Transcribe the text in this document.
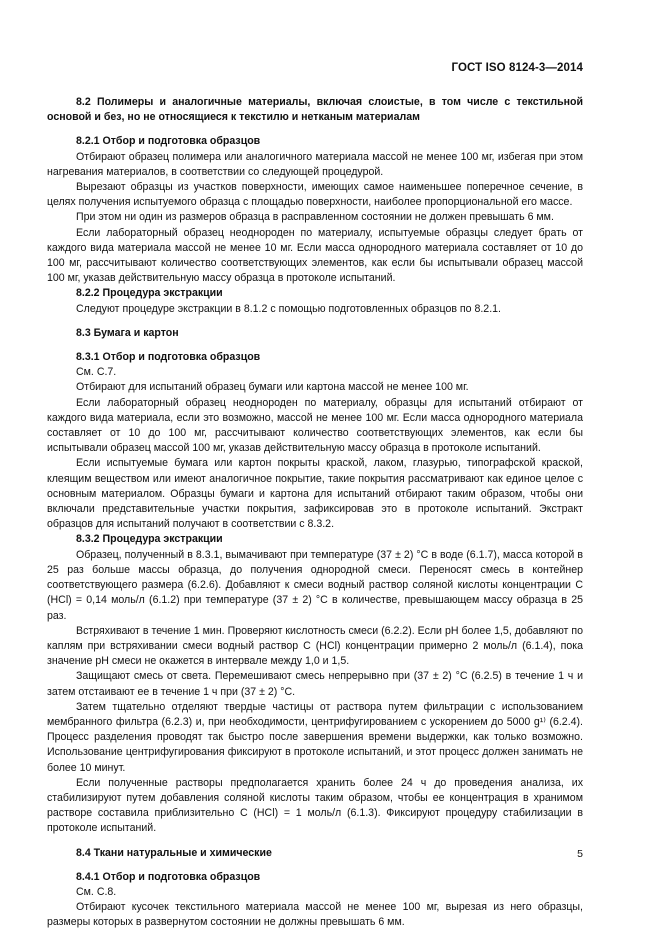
ГОСТ ISO 8124-3—2014

8.2 Полимеры и аналогичные материалы, включая слоистые, в том числе с текстильной основой и без, но не относящиеся к текстилю и нетканым материалам

8.2.1 Отбор и подготовка образцов

Отбирают образец полимера или аналогичного материала массой не менее 100 мг, избегая при этом нагревания материалов, в соответствии со следующей процедурой.

Вырезают образцы из участков поверхности, имеющих самое наименьшее поперечное сечение, в целях получения испытуемого образца с площадью поверхности, наиболее пропорциональной его массе.

При этом ни один из размеров образца в расправленном состоянии не должен превышать 6 мм.

Если лабораторный образец неоднороден по материалу, испытуемые образцы следует брать от каждого вида материала массой не менее 10 мг. Если масса однородного материала составляет от 10 до 100 мг, рассчитывают количество соответствующих элементов, как если бы испытывали образец массой 100 мг, указав действительную массу образца в протоколе испытаний.

8.2.2 Процедура экстракции

Следуют процедуре экстракции в 8.1.2 с помощью подготовленных образцов по 8.2.1.

8.3 Бумага и картон

8.3.1 Отбор и подготовка образцов

См. С.7.

Отбирают для испытаний образец бумаги или картона массой не менее 100 мг.

Если лабораторный образец неоднороден по материалу, образцы для испытаний отбирают от каждого вида материала, если это возможно, массой не менее 100 мг. Если масса однородного материала составляет от 10 до 100 мг, рассчитывают количество соответствующих элементов, как если бы испытывали образец массой 100 мг, указав действительную массу образца в протоколе испытаний.

Если испытуемые бумага или картон покрыты краской, лаком, глазурью, типографской краской, клеящим веществом или имеют аналогичное покрытие, такие покрытия рассматривают как единое целое с основным материалом. Образцы бумаги и картона для испытаний отбирают таким образом, чтобы они включали представительные участки покрытия, зафиксировав это в протоколе испытаний. Экстракт образцов для испытаний получают в соответствии с 8.3.2.

8.3.2 Процедура экстракции

Образец, полученный в 8.3.1, вымачивают при температуре (37 ± 2) °С в воде (6.1.7), масса которой в 25 раз больше массы образца, до получения однородной смеси. Переносят смесь в контейнер соответствующего размера (6.2.6). Добавляют к смеси водный раствор соляной кислоты концентрации С (HCl) = 0,14 моль/л (6.1.2) при температуре (37 ± 2) °С в количестве, превышающем массу образца в 25 раз.

Встряхивают в течение 1 мин. Проверяют кислотность смеси (6.2.2). Если рН более 1,5, добавляют по каплям при встряхивании смеси водный раствор С (HCl) концентрации примерно 2 моль/л (6.1.4), пока значение рН смеси не окажется в интервале между 1,0 и 1,5.

Защищают смесь от света. Перемешивают смесь непрерывно при (37 ± 2) °С (6.2.5) в течение 1 ч и затем отстаивают ее в течение 1 ч при (37 ± 2) °С.

Затем тщательно отделяют твердые частицы от раствора путем фильтрации с использованием мембранного фильтра (6.2.3) и, при необходимости, центрифугированием с ускорением до 5000 g¹⁾ (6.2.4). Процесс разделения проводят так быстро после завершения времени выдержки, как только возможно. Использование центрифугирования фиксируют в протоколе испытаний, и этот процесс должен занимать не более 10 минут.

Если полученные растворы предполагается хранить более 24 ч до проведения анализа, их стабилизируют путем добавления соляной кислоты таким образом, чтобы ее концентрация в хранимом растворе составила приблизительно С (HCl) = 1 моль/л (6.1.3). Фиксируют процедуру стабилизации в протоколе испытаний.

8.4 Ткани натуральные и химические

8.4.1 Отбор и подготовка образцов

См. С.8.

Отбирают кусочек текстильного материала массой не менее 100 мг, вырезая из него образцы, размеры которых в развернутом состоянии не должны превышать 6 мм.

5
